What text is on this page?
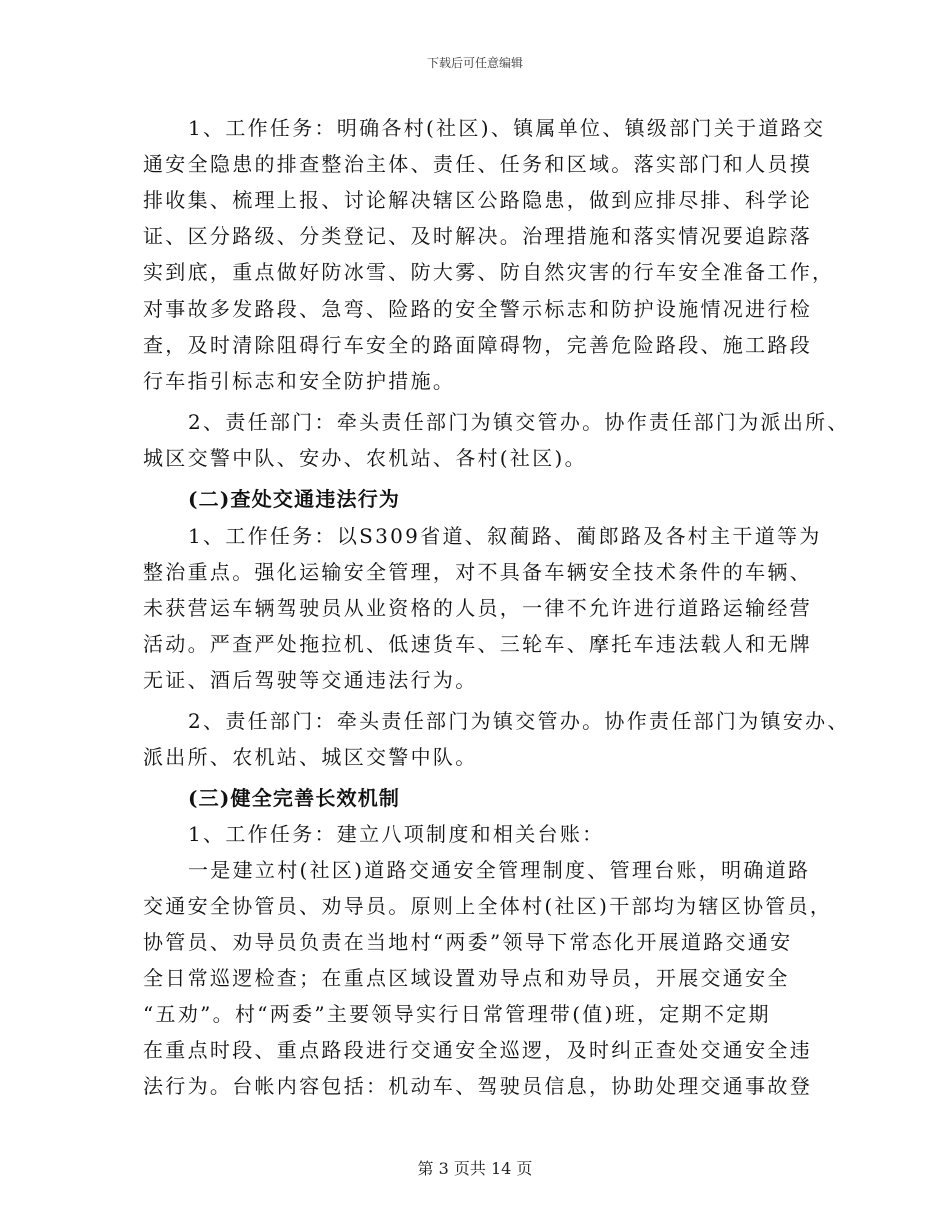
下载后可任意编辑
1、工作任务：明确各村(社区)、镇属单位、镇级部门关于道路交
通安全隐患的排查整治主体、责任、任务和区域。落实部门和人员摸
排收集、梳理上报、讨论解决辖区公路隐患，做到应排尽排、科学论
证、区分路级、分类登记、及时解决。治理措施和落实情况要追踪落
实到底，重点做好防冰雪、防大雾、防自然灾害的行车安全准备工作，
对事故多发路段、急弯、险路的安全警示标志和防护设施情况进行检
查，及时清除阻碍行车安全的路面障碍物，完善危险路段、施工路段
行车指引标志和安全防护措施。
2、责任部门：牵头责任部门为镇交管办。协作责任部门为派出所、
城区交警中队、安办、农机站、各村(社区)。
(二)查处交通违法行为
1、工作任务：以S309省道、叙蔺路、蔺郎路及各村主干道等为
整治重点。强化运输安全管理，对不具备车辆安全技术条件的车辆、
未获营运车辆驾驶员从业资格的人员，一律不允许进行道路运输经营
活动。严查严处拖拉机、低速货车、三轮车、摩托车违法载人和无牌
无证、酒后驾驶等交通违法行为。
2、责任部门：牵头责任部门为镇交管办。协作责任部门为镇安办、
派出所、农机站、城区交警中队。
(三)健全完善长效机制
1、工作任务：建立八项制度和相关台账：
一是建立村(社区)道路交通安全管理制度、管理台账，明确道路
交通安全协管员、劝导员。原则上全体村(社区)干部均为辖区协管员，
协管员、劝导员负责在当地村“两委”领导下常态化开展道路交通安
全日常巡逻检查；在重点区域设置劝导点和劝导员，开展交通安全
“五劝”。村“两委”主要领导实行日常管理带(值)班，定期不定期
在重点时段、重点路段进行交通安全巡逻，及时纠正查处交通安全违
法行为。台帐内容包括：机动车、驾驶员信息，协助处理交通事故登
第 3 页共 14 页
